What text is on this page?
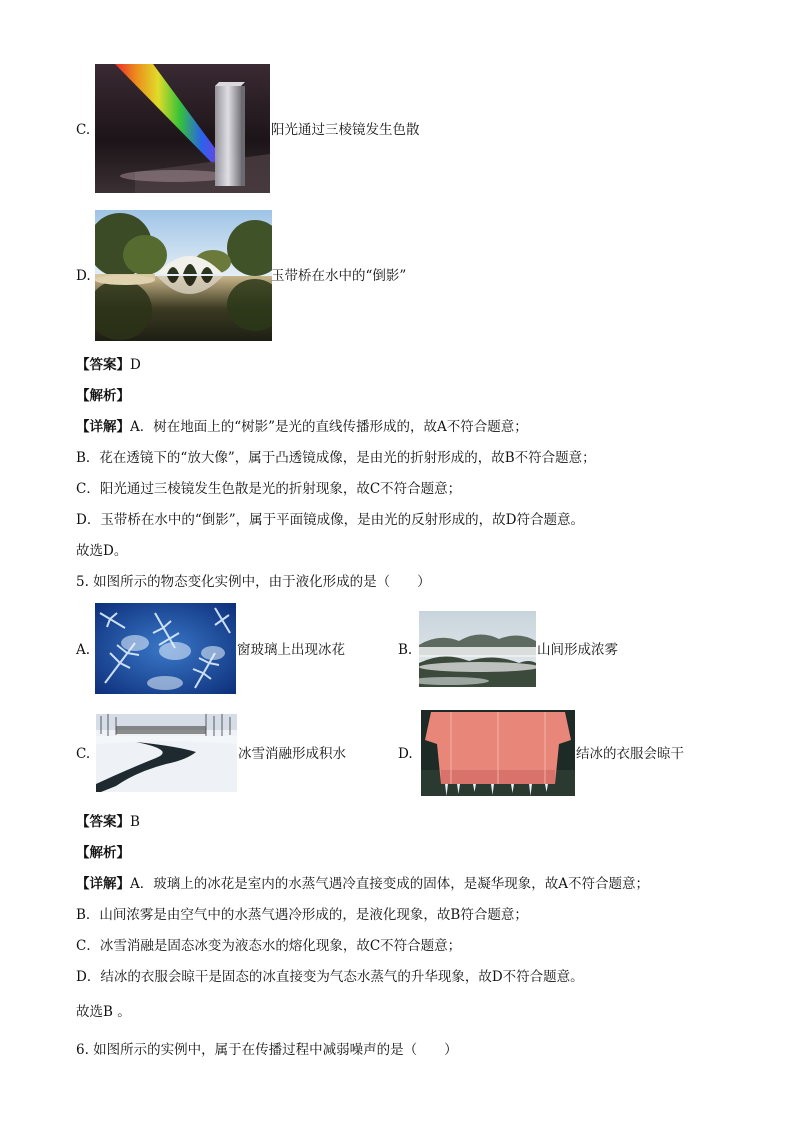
C.	阳光通过三棱镜发生色散
D.	玉带桥在水中的“倒影”
【答案】D
【解析】
【详解】A．树在地面上的“树影”是光的直线传播形成的，故A不符合题意；
B．花在透镜下的“放大像”，属于凸透镜成像，是由光的折射形成的，故B不符合题意；
C．阳光通过三棱镜发生色散是光的折射现象，故C不符合题意；
D．玉带桥在水中的“倒影”，属于平面镜成像，是由光的反射形成的，故D符合题意。
故选D。
5. 如图所示的物态变化实例中，由于液化形成的是（　　）
A.	窗玻璃上出现冰花	B.	山间形成浓雾
C.	冰雪消融形成积水	D.	结冰的衣服会晾干
【答案】B
【解析】
【详解】A．玻璃上的冰花是室内的水蒸气遇冷直接变成的固体，是凝华现象，故A不符合题意；
B．山间浓雾是由空气中的水蒸气遇冷形成的，是液化现象，故B符合题意；
C．冰雪消融是固态冰变为液态水的熔化现象，故C不符合题意；
D．结冰的衣服会晾干是固态的冰直接变为气态水蒸气的升华现象，故D不符合题意。
故选B 。
6. 如图所示的实例中，属于在传播过程中减弱噪声的是（　　）
